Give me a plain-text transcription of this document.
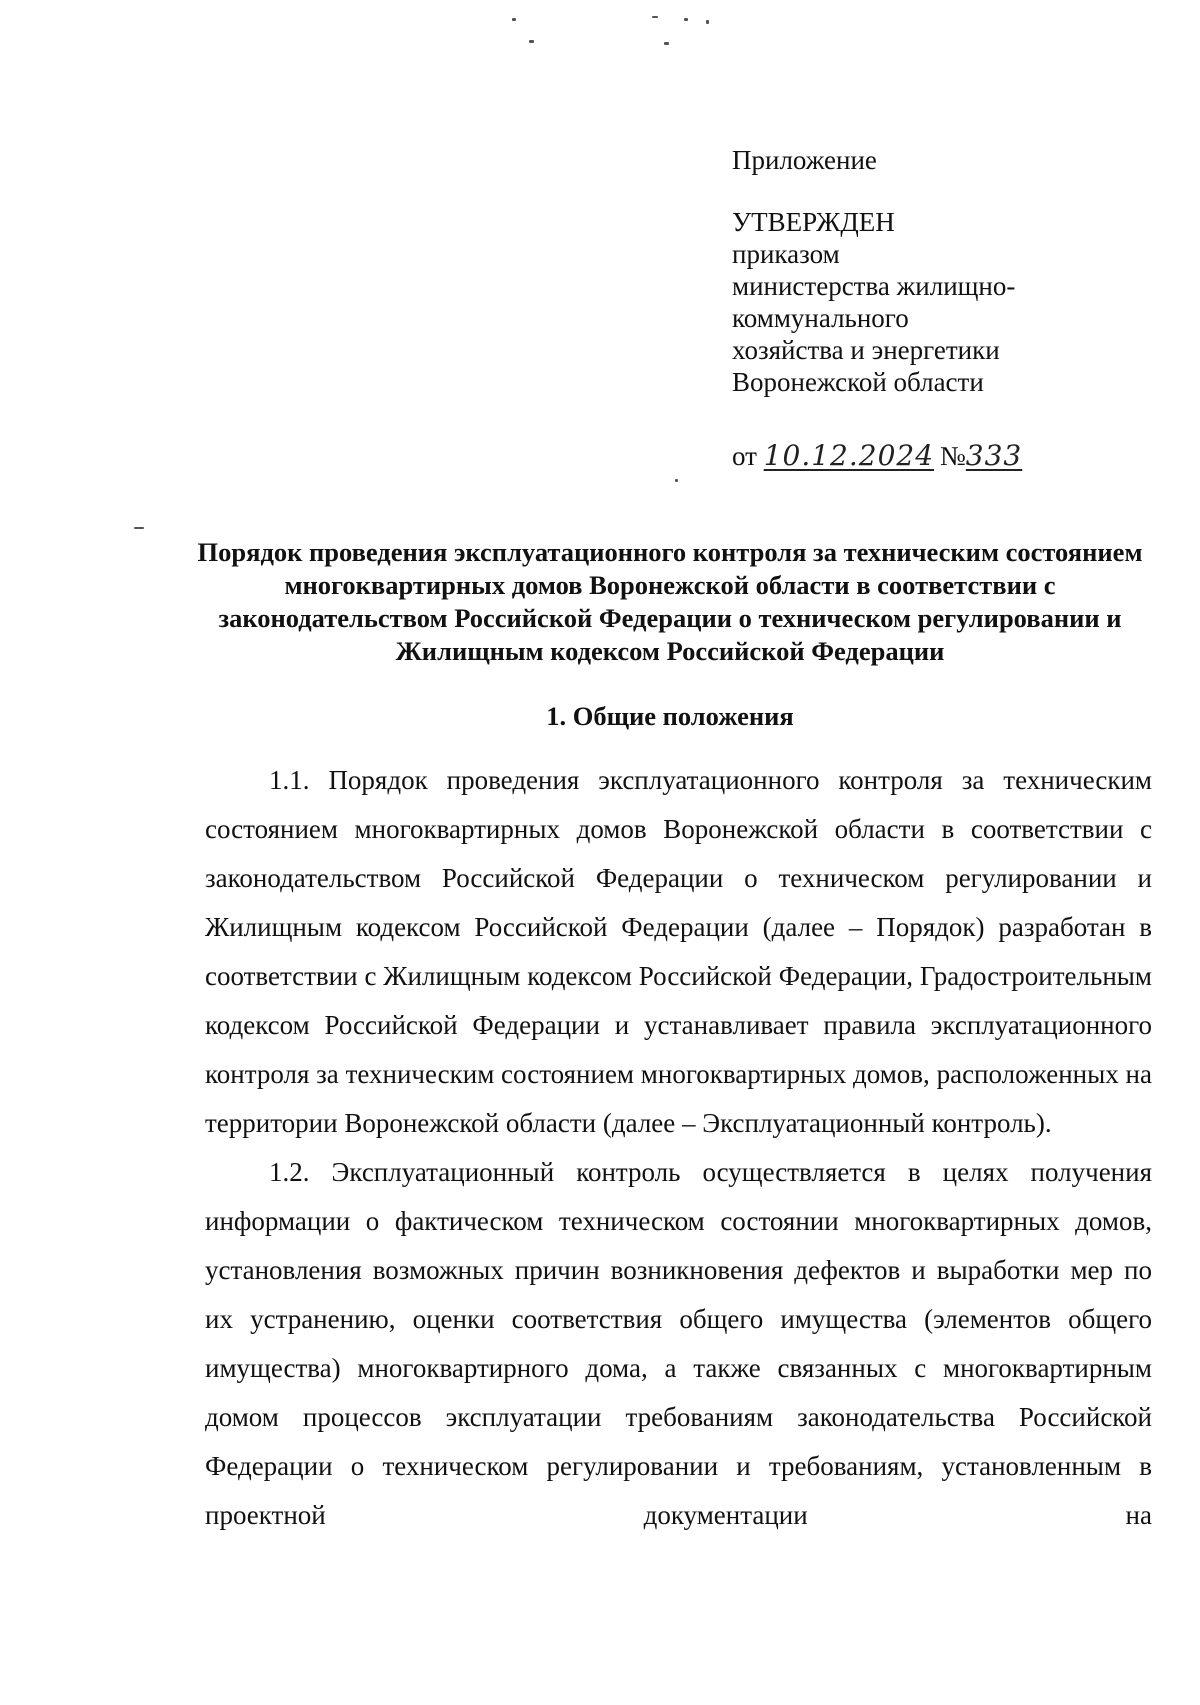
Приложение

УТВЕРЖДЕН

приказом

министерства жилищно-

коммунального

хозяйства и энергетики

Воронежской области

от 10.12.2024 №333

Порядок проведения эксплуатационного контроля за техническим состоянием многоквартирных домов Воронежской области в соответствии с законодательством Российской Федерации о техническом регулировании и Жилищным кодексом Российской Федерации
1. Общие положения

1.1. Порядок проведения эксплуатационного контроля за техническим состоянием многоквартирных домов Воронежской области в соответствии с законодательством Российской Федерации о техническом регулировании и Жилищным кодексом Российской Федерации (далее – Порядок) разработан в соответствии с Жилищным кодексом Российской Федерации, Градостроительным кодексом Российской Федерации и устанавливает правила эксплуатационного контроля за техническим состоянием многоквартирных домов, расположенных на территории Воронежской области (далее – Эксплуатационный контроль).

1.2. Эксплуатационный контроль осуществляется в целях получения информации о фактическом техническом состоянии многоквартирных домов, установления возможных причин возникновения дефектов и выработки мер по их устранению, оценки соответствия общего имущества (элементов общего имущества) многоквартирного дома, а также связанных с многоквартирным домом процессов эксплуатации требованиям законодательства Российской Федерации о техническом регулировании и требованиям, установленным в проектной документации на
